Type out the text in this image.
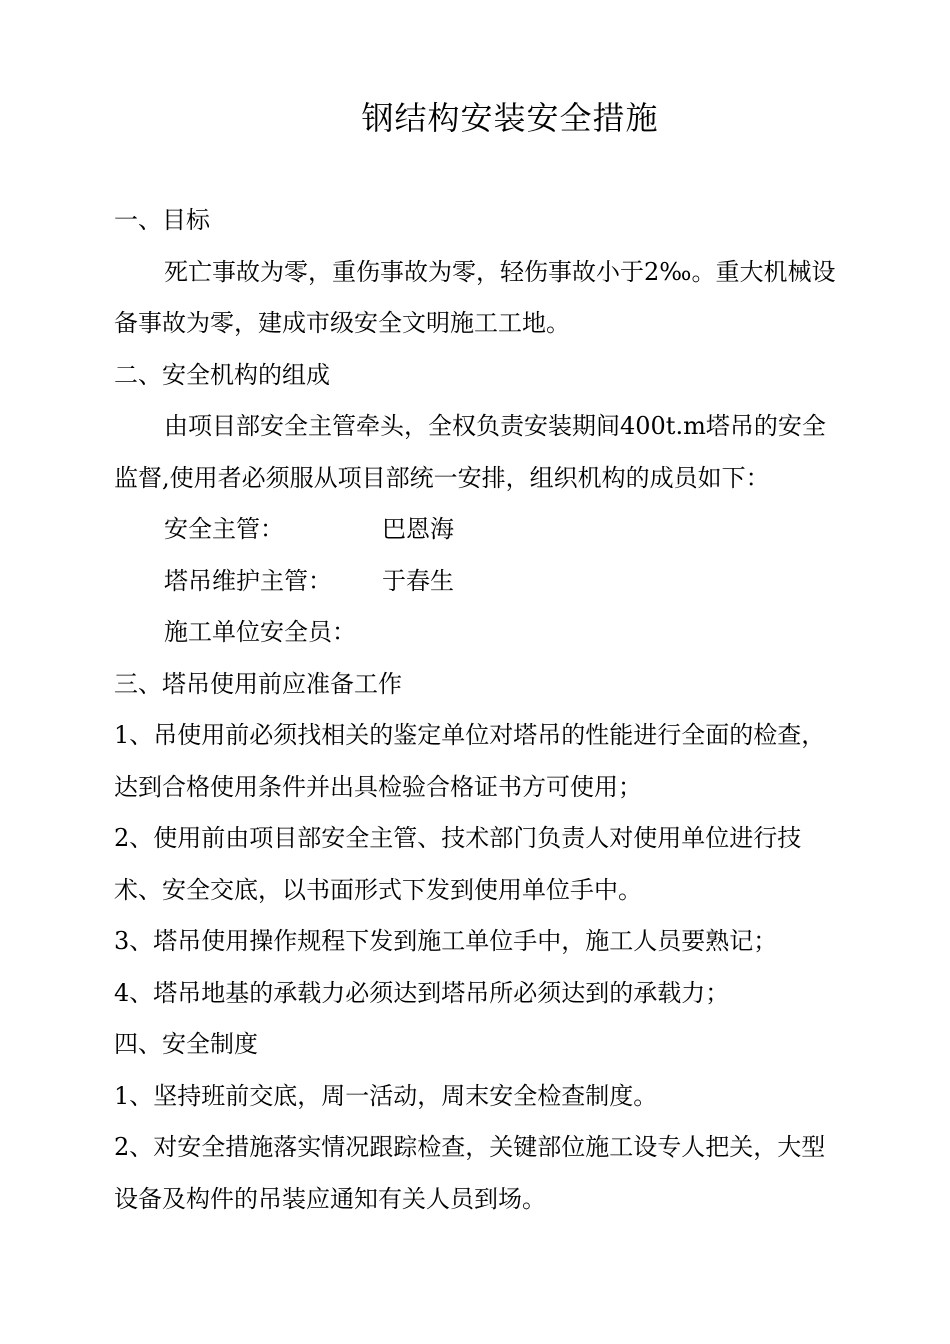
钢结构安装安全措施

一、目标

死亡事故为零，重伤事故为零，轻伤事故小于2‰。重大机械设备事故为零，建成市级安全文明施工工地。

二、安全机构的组成

由项目部安全主管牵头，全权负责安装期间400t.m塔吊的安全监督,使用者必须服从项目部统一安排，组织机构的成员如下：

安全主管：	巴恩海
塔吊维护主管：	于春生
施工单位安全员：

三、塔吊使用前应准备工作

1、吊使用前必须找相关的鉴定单位对塔吊的性能进行全面的检查，达到合格使用条件并出具检验合格证书方可使用；

2、使用前由项目部安全主管、技术部门负责人对使用单位进行技术、安全交底，以书面形式下发到使用单位手中。

3、塔吊使用操作规程下发到施工单位手中，施工人员要熟记；

4、塔吊地基的承载力必须达到塔吊所必须达到的承载力；

四、安全制度

1、坚持班前交底，周一活动，周末安全检查制度。

2、对安全措施落实情况跟踪检查，关键部位施工设专人把关，大型设备及构件的吊装应通知有关人员到场。
